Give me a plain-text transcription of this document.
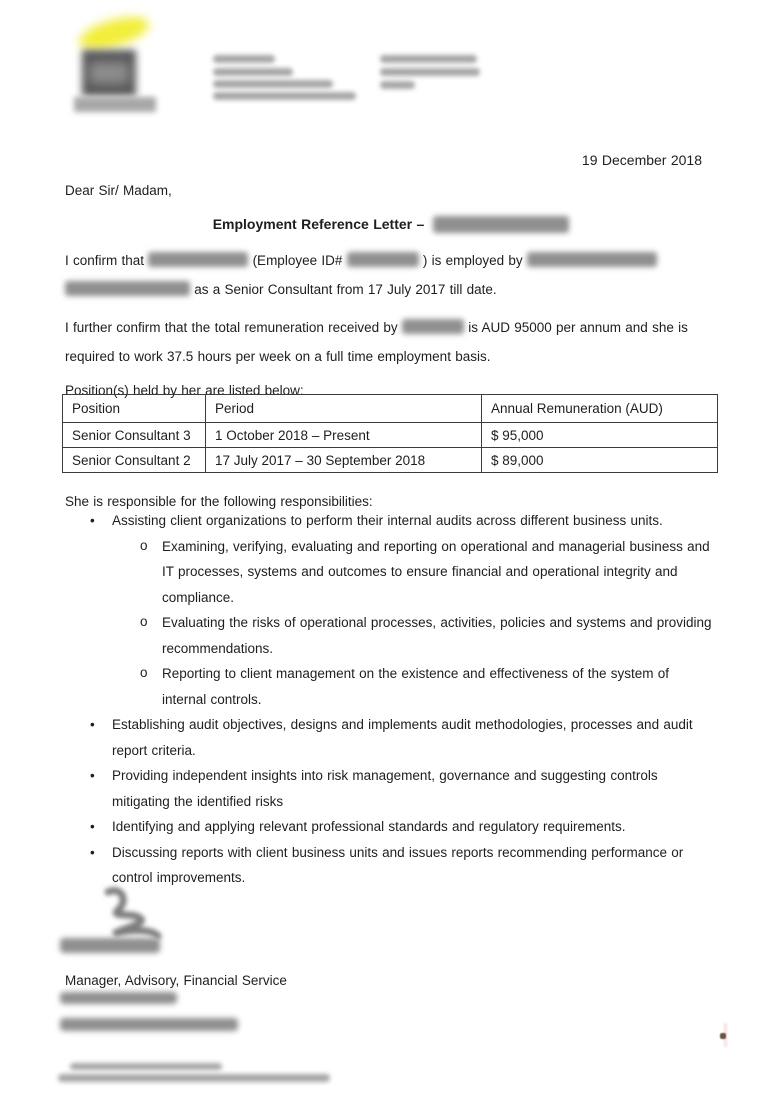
19 December 2018
Dear Sir/ Madam,
Employment Reference Letter –
I confirm that	(Employee ID#	) is employed by   as a Senior Consultant from 17 July 2017 till date.
I further confirm that the total remuneration received by	is AUD 95000 per annum and she is required to work 37.5 hours per week on a full time employment basis.
Position(s) held by her are listed below:
Position	Period	Annual Remuneration (AUD)
Senior Consultant 3	1 October 2018 – Present	$ 95,000
Senior Consultant 2	17 July 2017 – 30 September 2018	$ 89,000
She is responsible for the following responsibilities:
• Assisting client organizations to perform their internal audits across different business units.
o Examining, verifying, evaluating and reporting on operational and managerial business and IT processes, systems and outcomes to ensure financial and operational integrity and compliance.
o Evaluating the risks of operational processes, activities, policies and systems and providing recommendations.
o Reporting to client management on the existence and effectiveness of the system of internal controls.
• Establishing audit objectives, designs and implements audit methodologies, processes and audit report criteria.
• Providing independent insights into risk management, governance and suggesting controls mitigating the identified risks
• Identifying and applying relevant professional standards and regulatory requirements.
• Discussing reports with client business units and issues reports recommending performance or control improvements.
Manager, Advisory, Financial Service
